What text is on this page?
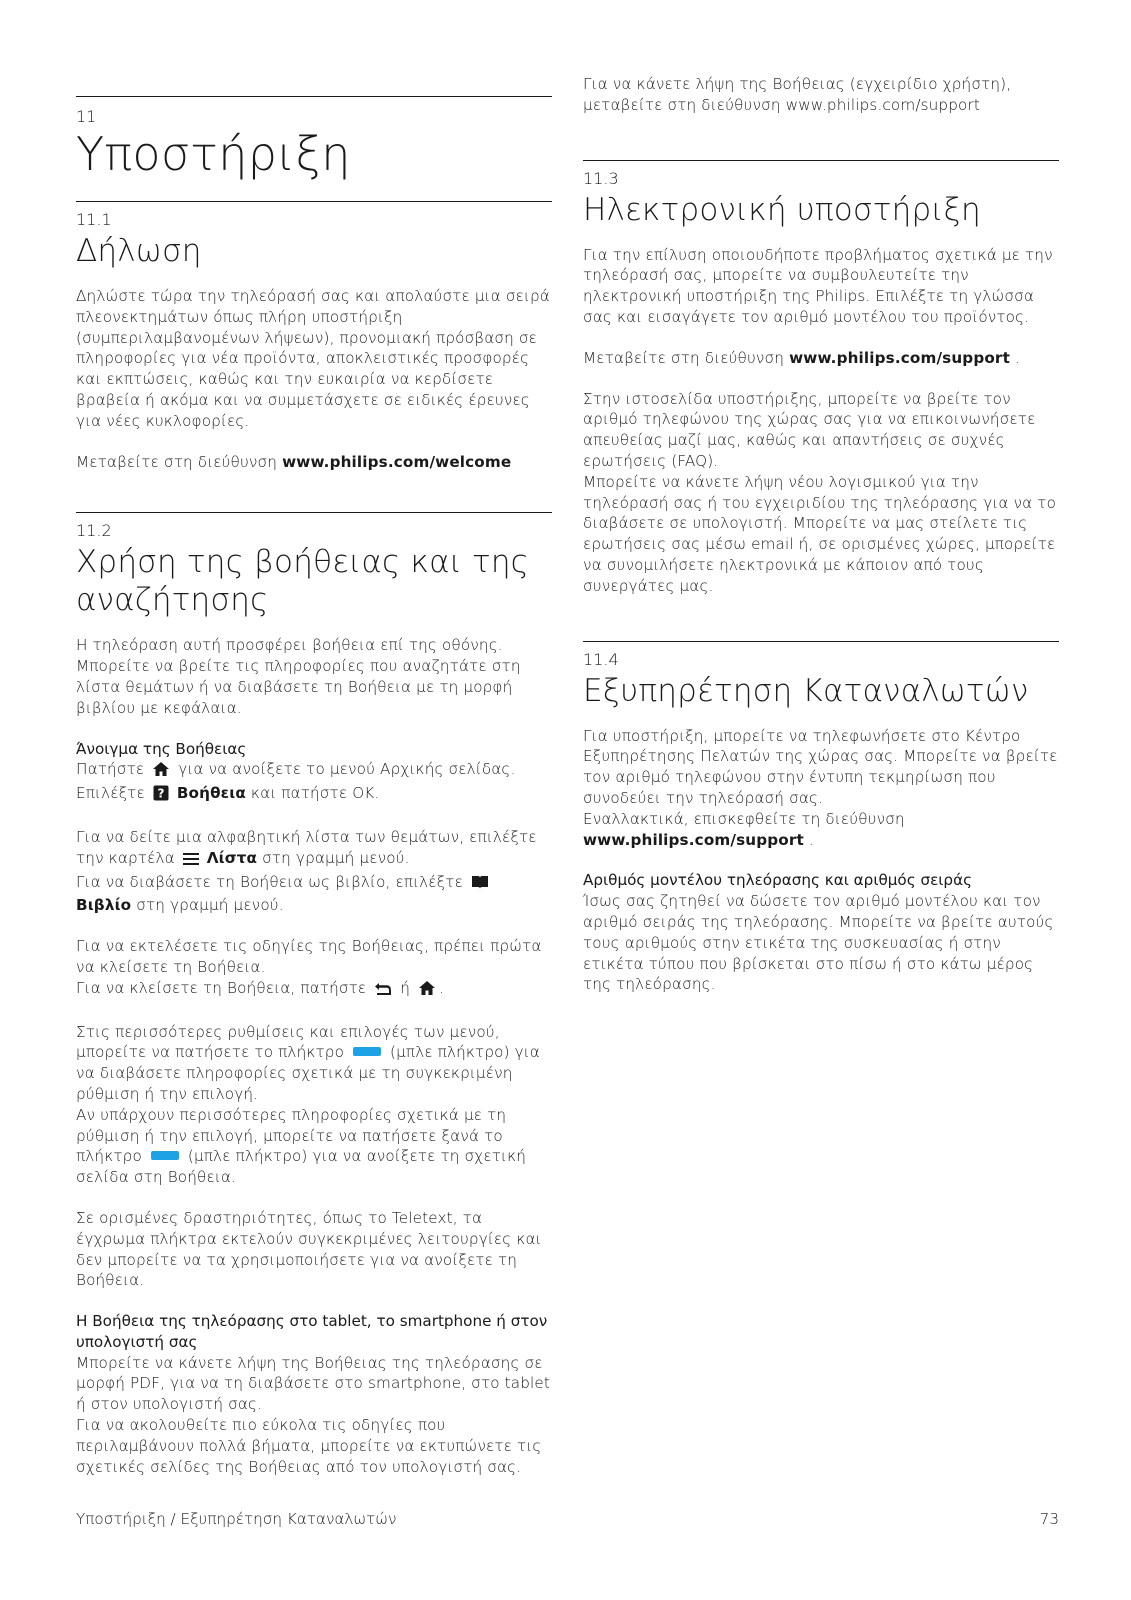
11
Υποστήριξη
11.1
Δήλωση

Δηλώστε τώρα την τηλεόρασή σας και απολαύστε μια σειρά πλεονεκτημάτων όπως πλήρη υποστήριξη (συμπεριλαμβανομένων λήψεων), προνομιακή πρόσβαση σε πληροφορίες για νέα προϊόντα, αποκλειστικές προσφορές και εκπτώσεις, καθώς και την ευκαιρία να κερδίσετε βραβεία ή ακόμα και να συμμετάσχετε σε ειδικές έρευνες για νέες κυκλοφορίες.

Μεταβείτε στη διεύθυνση www.philips.com/welcome

11.2
Χρήση της βοήθειας και της αναζήτησης

Η τηλεόραση αυτή προσφέρει βοήθεια επί της οθόνης. Μπορείτε να βρείτε τις πληροφορίες που αναζητάτε στη λίστα θεμάτων ή να διαβάσετε τη Βοήθεια με τη μορφή βιβλίου με κεφάλαια.

Άνοιγμα της Βοήθειας

Πατήστε για να ανοίξετε το μενού Αρχικής σελίδας.

Επιλέξτε ? Βοήθεια και πατήστε OK.

Για να δείτε μια αλφαβητική λίστα των θεμάτων, επιλέξτε την καρτέλα Λίστα στη γραμμή μενού.

Για να διαβάσετε τη Βοήθεια ως βιβλίο, επιλέξτε  Βιβλίο στη γραμμή μενού.

Για να εκτελέσετε τις οδηγίες της Βοήθειας, πρέπει πρώτα να κλείσετε τη Βοήθεια.

Για να κλείσετε τη Βοήθεια, πατήστε ή .

Στις περισσότερες ρυθμίσεις και επιλογές των μενού, μπορείτε να πατήσετε το πλήκτρο	(μπλε πλήκτρο) για να διαβάσετε πληροφορίες σχετικά με τη συγκεκριμένη ρύθμιση ή την επιλογή.

Αν υπάρχουν περισσότερες πληροφορίες σχετικά με τη ρύθμιση ή την επιλογή, μπορείτε να πατήσετε ξανά το πλήκτρο	(μπλε πλήκτρο) για να ανοίξετε τη σχετική σελίδα στη Βοήθεια.

Σε ορισμένες δραστηριότητες, όπως το Teletext, τα έγχρωμα πλήκτρα εκτελούν συγκεκριμένες λειτουργίες και δεν μπορείτε να τα χρησιμοποιήσετε για να ανοίξετε τη Βοήθεια.

Η Βοήθεια της τηλεόρασης στο tablet, το smartphone ή στον υπολογιστή σας

Μπορείτε να κάνετε λήψη της Βοήθειας της τηλεόρασης σε μορφή PDF, για να τη διαβάσετε στο smartphone, στο tablet ή στον υπολογιστή σας.

Για να ακολουθείτε πιο εύκολα τις οδηγίες που περιλαμβάνουν πολλά βήματα, μπορείτε να εκτυπώνετε τις σχετικές σελίδες της Βοήθειας από τον υπολογιστή σας.

Για να κάνετε λήψη της Βοήθειας (εγχειρίδιο χρήστη), μεταβείτε στη διεύθυνση www.philips.com/support

11.3
Ηλεκτρονική υποστήριξη

Για την επίλυση οποιουδήποτε προβλήματος σχετικά με την τηλεόρασή σας, μπορείτε να συμβουλευτείτε την ηλεκτρονική υποστήριξη της Philips. Επιλέξτε τη γλώσσα σας και εισαγάγετε τον αριθμό μοντέλου του προϊόντος.

Μεταβείτε στη διεύθυνση www.philips.com/support .

Στην ιστοσελίδα υποστήριξης, μπορείτε να βρείτε τον αριθμό τηλεφώνου της χώρας σας για να επικοινωνήσετε απευθείας μαζί μας, καθώς και απαντήσεις σε συχνές ερωτήσεις (FAQ).

Μπορείτε να κάνετε λήψη νέου λογισμικού για την τηλεόρασή σας ή του εγχειριδίου της τηλεόρασης για να το διαβάσετε σε υπολογιστή. Μπορείτε να μας στείλετε τις ερωτήσεις σας μέσω email ή, σε ορισμένες χώρες, μπορείτε να συνομιλήσετε ηλεκτρονικά με κάποιον από τους συνεργάτες μας.

11.4
Εξυπηρέτηση Καταναλωτών

Για υποστήριξη, μπορείτε να τηλεφωνήσετε στο Κέντρο Εξυπηρέτησης Πελατών της χώρας σας. Μπορείτε να βρείτε τον αριθμό τηλεφώνου στην έντυπη τεκμηρίωση που συνοδεύει την τηλεόρασή σας.

Εναλλακτικά, επισκεφθείτε τη διεύθυνση

www.philips.com/support .

Αριθμός μοντέλου τηλεόρασης και αριθμός σειράς

Ίσως σας ζητηθεί να δώσετε τον αριθμό μοντέλου και τον αριθμό σειράς της τηλεόρασης. Μπορείτε να βρείτε αυτούς τους αριθμούς στην ετικέτα της συσκευασίας ή στην ετικέτα τύπου που βρίσκεται στο πίσω ή στο κάτω μέρος της τηλεόρασης.

Υποστήριξη / Εξυπηρέτηση Καταναλωτών	73
